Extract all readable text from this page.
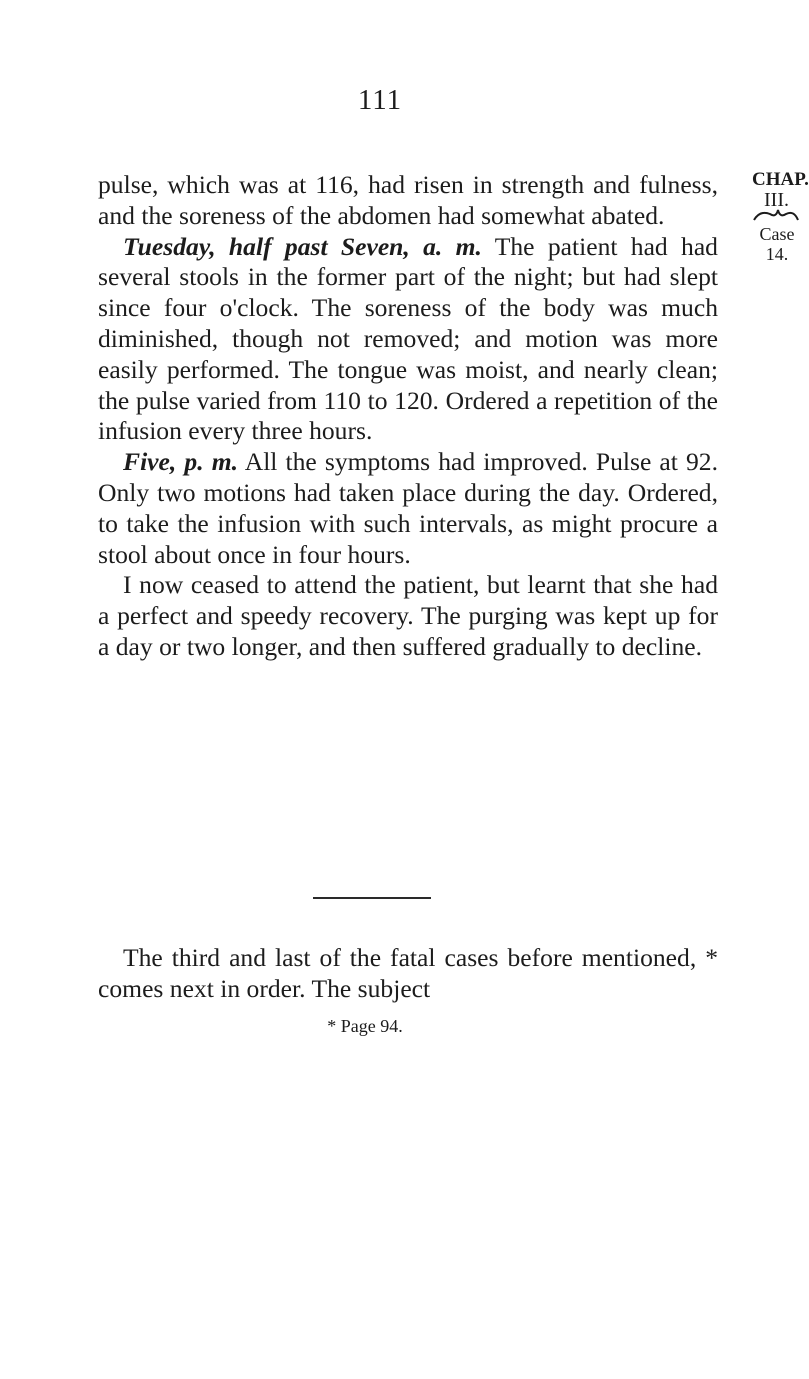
111
CHAP.
III.
Case 14.

pulse, which was at 116, had risen in strength and fulness, and the soreness of the abdomen had somewhat abated.

Tuesday, half past Seven, a. m. The patient had had several stools in the former part of the night; but had slept since four o'clock. The soreness of the body was much diminished, though not removed; and motion was more easily performed. The tongue was moist, and nearly clean; the pulse varied from 110 to 120. Ordered a repetition of the infusion every three hours.

Five, p. m. All the symptoms had improved. Pulse at 92. Only two motions had taken place during the day. Ordered, to take the infusion with such intervals, as might procure a stool about once in four hours.

I now ceased to attend the patient, but learnt that she had a perfect and speedy recovery. The purging was kept up for a day or two longer, and then suffered gradually to decline.

The third and last of the fatal cases before mentioned, * comes next in order. The subject

* Page 94.
